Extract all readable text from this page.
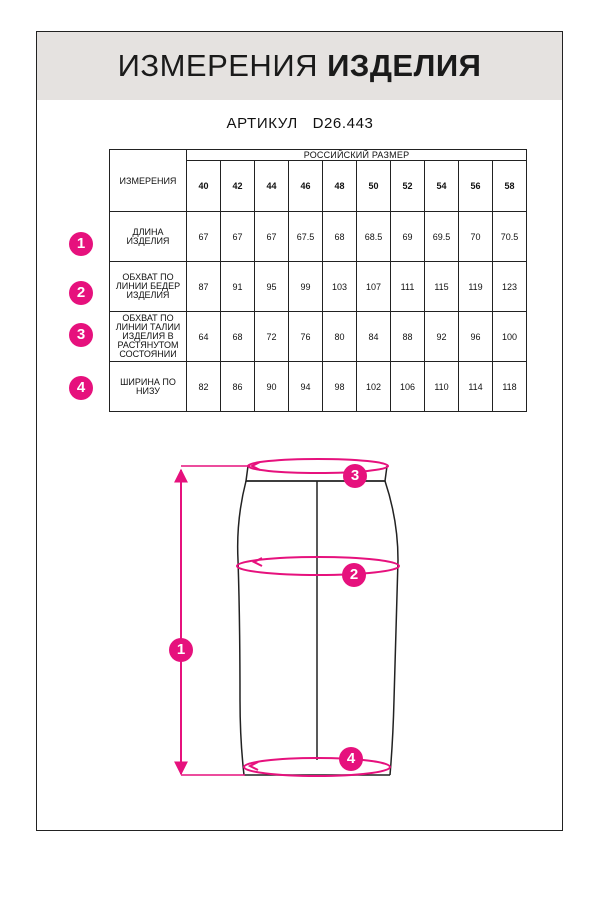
ИЗМЕРЕНИЯ ИЗДЕЛИЯ
АРТИКУЛ D26.443
1
2
3
4
ИЗМЕРЕНИЯ	РОССИЙСКИЙ РАЗМЕР									
	40	42	44	46	48	50	52	54	56	58
ДЛИНА ИЗДЕЛИЯ	67	67	67	67.5	68	68.5	69	69.5	70	70.5
ОБХВАТ ПО ЛИНИИ БЕДЕР ИЗДЕЛИЯ	87	91	95	99	103	107	111	115	119	123
ОБХВАТ ПО ЛИНИИ ТАЛИИ ИЗДЕЛИЯ В РАСТЯНУТОМ СОСТОЯНИИ	64	68	72	76	80	84	88	92	96	100
ШИРИНА ПО НИЗУ	82	86	90	94	98	102	106	110	114	118
1
2
3
4
